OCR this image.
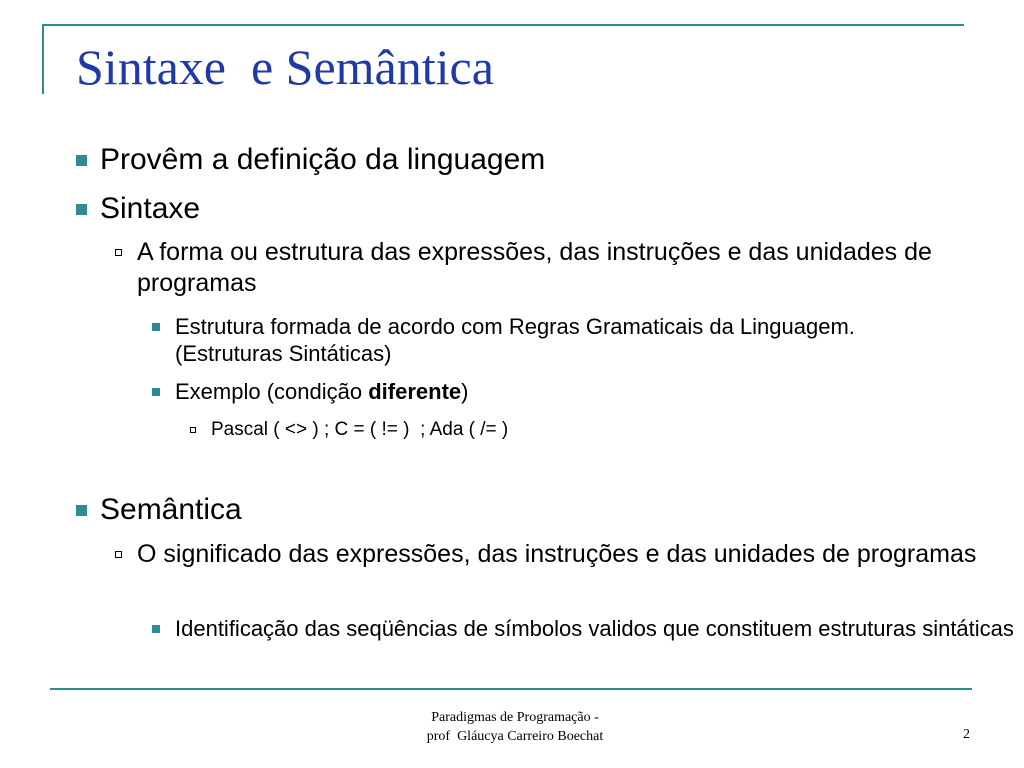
Sintaxe  e Semântica
Provêm a definição da linguagem
Sintaxe
A forma ou estrutura das expressões, das instruções e das unidades de programas
Estrutura formada de acordo com Regras Gramaticais da Linguagem. (Estruturas Sintáticas)
Exemplo (condição diferente)
Pascal ( <> ) ; C = ( != )  ; Ada ( /= )
Semântica
O significado das expressões, das instruções e das unidades de programas
Identificação das seqüências de símbolos validos que constituem estruturas sintáticas
Paradigmas de Programação -
prof  Gláucya Carreiro Boechat	2
